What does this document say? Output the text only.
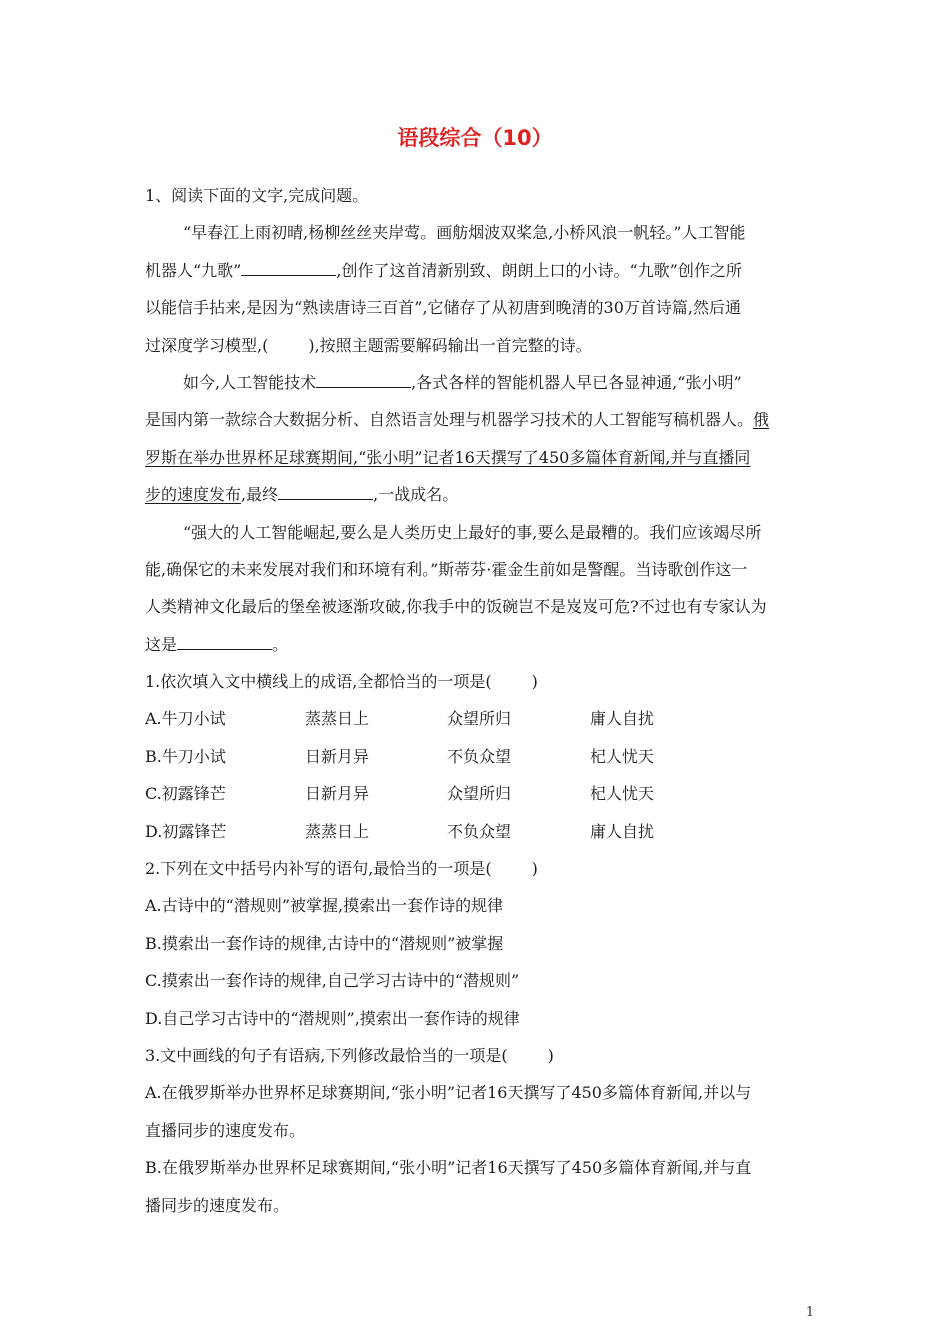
语段综合（10）
1、阅读下面的文字,完成问题。
“早春江上雨初晴,杨柳丝丝夹岸莺。画舫烟波双桨急,小桥风浪一帆轻。”人工智能
机器人“九歌”	,创作了这首清新别致、朗朗上口的小诗。“九歌”创作之所
以能信手拈来,是因为“熟读唐诗三百首”,它储存了从初唐到晚清的30万首诗篇,然后通
过深度学习模型,(	),按照主题需要解码输出一首完整的诗。
如今,人工智能技术	,各式各样的智能机器人早已各显神通,“张小明”
是国内第一款综合大数据分析、自然语言处理与机器学习技术的人工智能写稿机器人。俄
罗斯在举办世界杯足球赛期间,“张小明”记者16天撰写了450多篇体育新闻,并与直播同
步的速度发布,最终	,一战成名。
“强大的人工智能崛起,要么是人类历史上最好的事,要么是最糟的。我们应该竭尽所
能,确保它的未来发展对我们和环境有利。”斯蒂芬·霍金生前如是警醒。当诗歌创作这一
人类精神文化最后的堡垒被逐渐攻破,你我手中的饭碗岂不是岌岌可危?不过也有专家认为
这是	。
1.依次填入文中横线上的成语,全都恰当的一项是(	)
A.牛刀小试	蒸蒸日上	众望所归	庸人自扰
B.牛刀小试	日新月异	不负众望	杞人忧天
C.初露锋芒	日新月异	众望所归	杞人忧天
D.初露锋芒	蒸蒸日上	不负众望	庸人自扰
2.下列在文中括号内补写的语句,最恰当的一项是(	)
A.古诗中的“潜规则”被掌握,摸索出一套作诗的规律
B.摸索出一套作诗的规律,古诗中的“潜规则”被掌握
C.摸索出一套作诗的规律,自己学习古诗中的“潜规则”
D.自己学习古诗中的“潜规则”,摸索出一套作诗的规律
3.文中画线的句子有语病,下列修改最恰当的一项是(	)
A.在俄罗斯举办世界杯足球赛期间,“张小明”记者16天撰写了450多篇体育新闻,并以与
直播同步的速度发布。
B.在俄罗斯举办世界杯足球赛期间,“张小明”记者16天撰写了450多篇体育新闻,并与直
播同步的速度发布。
1
